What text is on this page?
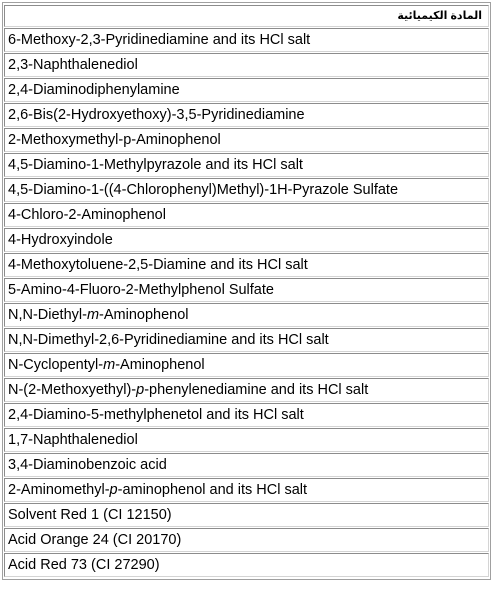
المادة الكيميائية
6-Methoxy-2,3-Pyridinediamine and its HCl salt
2,3-Naphthalenediol
2,4-Diaminodiphenylamine
2,6-Bis(2-Hydroxyethoxy)-3,5-Pyridinediamine
2-Methoxymethyl-p-Aminophenol
4,5-Diamino-1-Methylpyrazole and its HCl salt
4,5-Diamino-1-((4-Chlorophenyl)Methyl)-1H-Pyrazole Sulfate
4-Chloro-2-Aminophenol
4-Hydroxyindole
4-Methoxytoluene-2,5-Diamine and its HCl salt
5-Amino-4-Fluoro-2-Methylphenol Sulfate
N,N-Diethyl-m-Aminophenol
N,N-Dimethyl-2,6-Pyridinediamine and its HCl salt
N-Cyclopentyl-m-Aminophenol
N-(2-Methoxyethyl)-p-phenylenediamine and its HCl salt
2,4-Diamino-5-methylphenetol and its HCl salt
1,7-Naphthalenediol
3,4-Diaminobenzoic acid
2-Aminomethyl-p-aminophenol and its HCl salt
Solvent Red 1 (CI 12150)
Acid Orange 24 (CI 20170)
Acid Red 73 (CI 27290)
